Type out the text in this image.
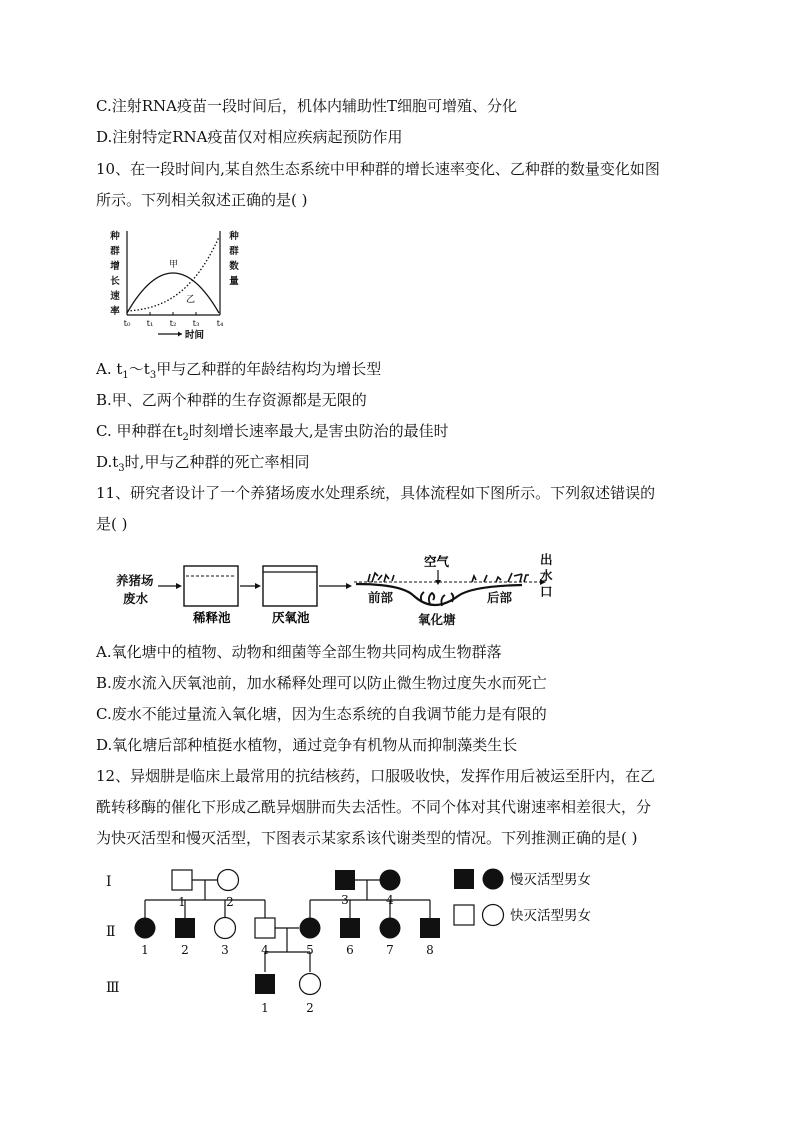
C.注射RNA疫苗一段时间后，机体内辅助性T细胞可增殖、分化
D.注射特定RNA疫苗仅对相应疾病起预防作用
10、在一段时间内,某自然生态系统中甲种群的增长速率变化、乙种群的数量变化如图
所示。下列相关叙述正确的是( )
种
群
增
长
速
率
种
群
数
量
甲
乙
t₀ t₁ t₂ t₃ t₄
时间
A. $t_1\sim t_3$甲与乙种群的年龄结构均为增长型
B.甲、乙两个种群的生存资源都是无限的
C. 甲种群在$t_2$时刻增长速率最大,是害虫防治的最佳时
$D.t_3$时,甲与乙种群的死亡率相同
11、研究者设计了一个养猪场废水处理系统，具体流程如下图所示。下列叙述错误的
是( )
养猪场
废水
稀释池	厌氧池
空气
前部	后部
氧化塘
出
水
口
A.氧化塘中的植物、动物和细菌等全部生物共同构成生物群落
B.废水流入厌氧池前，加水稀释处理可以防止微生物过度失水而死亡
C.废水不能过量流入氧化塘，因为生态系统的自我调节能力是有限的
D.氧化塘后部种植挺水植物，通过竞争有机物从而抑制藻类生长
12、异烟肼是临床上最常用的抗结核药，口服吸收快，发挥作用后被运至肝内，在乙
酰转移酶的催化下形成乙酰异烟肼而失去活性。不同个体对其代谢速率相差很大，分
为快灭活型和慢灭活型，下图表示某家系该代谢类型的情况。下列推测正确的是( )
Ⅰ
Ⅱ
Ⅲ
1	2	3	4
1	2	3	4	5	6	7	8
1	2
慢灭活型男女
快灭活型男女
